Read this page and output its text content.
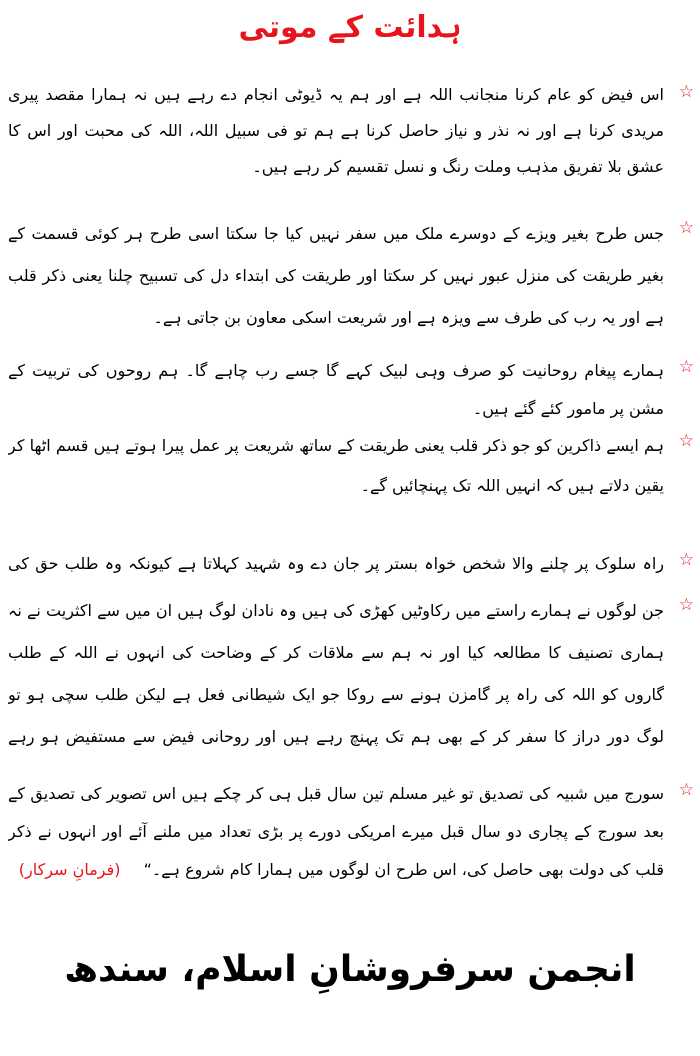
ہدائت کے موتی
☆
اس فیض کو عام کرنا منجانب اللہ ہے اور ہم یہ ڈیوٹی انجام دے رہے ہیں نہ ہمارا مقصد پیری مریدی کرنا ہے اور نہ نذر و نیاز حاصل کرنا ہے ہم تو فی سبیل اللہ، اللہ کی محبت اور اس کا عشق بلا تفریق مذہب وملت رنگ و نسل تقسیم کر رہے ہیں۔
☆
جس طرح بغیر ویزے کے دوسرے ملک میں سفر نہیں کیا جا سکتا اسی طرح ہر کوئی قسمت کے بغیر طریقت کی منزل عبور نہیں کر سکتا اور طریقت کی ابتداء دل کی تسبیح چلنا یعنی ذکر قلب ہے اور یہ رب کی طرف سے ویزہ ہے اور شریعت اسکی معاون بن جاتی ہے۔
☆
ہمارے پیغام روحانیت کو صرف وہی لبیک کہے گا جسے رب چاہے گا۔ ہم روحوں کی تربیت کے مشن پر مامور کئے گئے ہیں۔
☆
ہم ایسے ذاکرین کو جو ذکر قلب یعنی طریقت کے ساتھ شریعت پر عمل پیرا ہوتے ہیں قسم اٹھا کر یقین دلاتے ہیں کہ انہیں اللہ تک پہنچائیں گے۔
☆
راہ سلوک پر چلنے والا شخص خواہ بستر پر جان دے وہ شہید کہلاتا ہے کیونکہ وہ طلب حق کی
☆
جن لوگوں نے ہمارے راستے میں رکاوٹیں کھڑی کی ہیں وہ نادان لوگ ہیں ان میں سے اکثریت نے نہ ہماری تصنیف کا مطالعہ کیا اور نہ ہم سے ملاقات کر کے وضاحت کی انہوں نے اللہ کے طلب گاروں کو اللہ کی راہ پر گامزن ہونے سے روکا جو ایک شیطانی فعل ہے لیکن طلب سچی ہو تو لوگ دور دراز کا سفر کر کے بھی ہم تک پہنچ رہے ہیں اور روحانی فیض سے مستفیض ہو رہے
☆
سورج میں شبیہ کی تصدیق تو غیر مسلم تین سال قبل ہی کر چکے ہیں اس تصویر کی تصدیق کے بعد سورج کے پجاری دو سال قبل میرے امریکی دورے پر بڑی تعداد میں ملنے آئے اور انہوں نے ذکر قلب کی دولت بھی حاصل کی، اس طرح ان لوگوں میں ہمارا کام شروع ہے۔“ (فرمانِ سرکار)
انجمن سرفروشانِ اسلام، سندھ
